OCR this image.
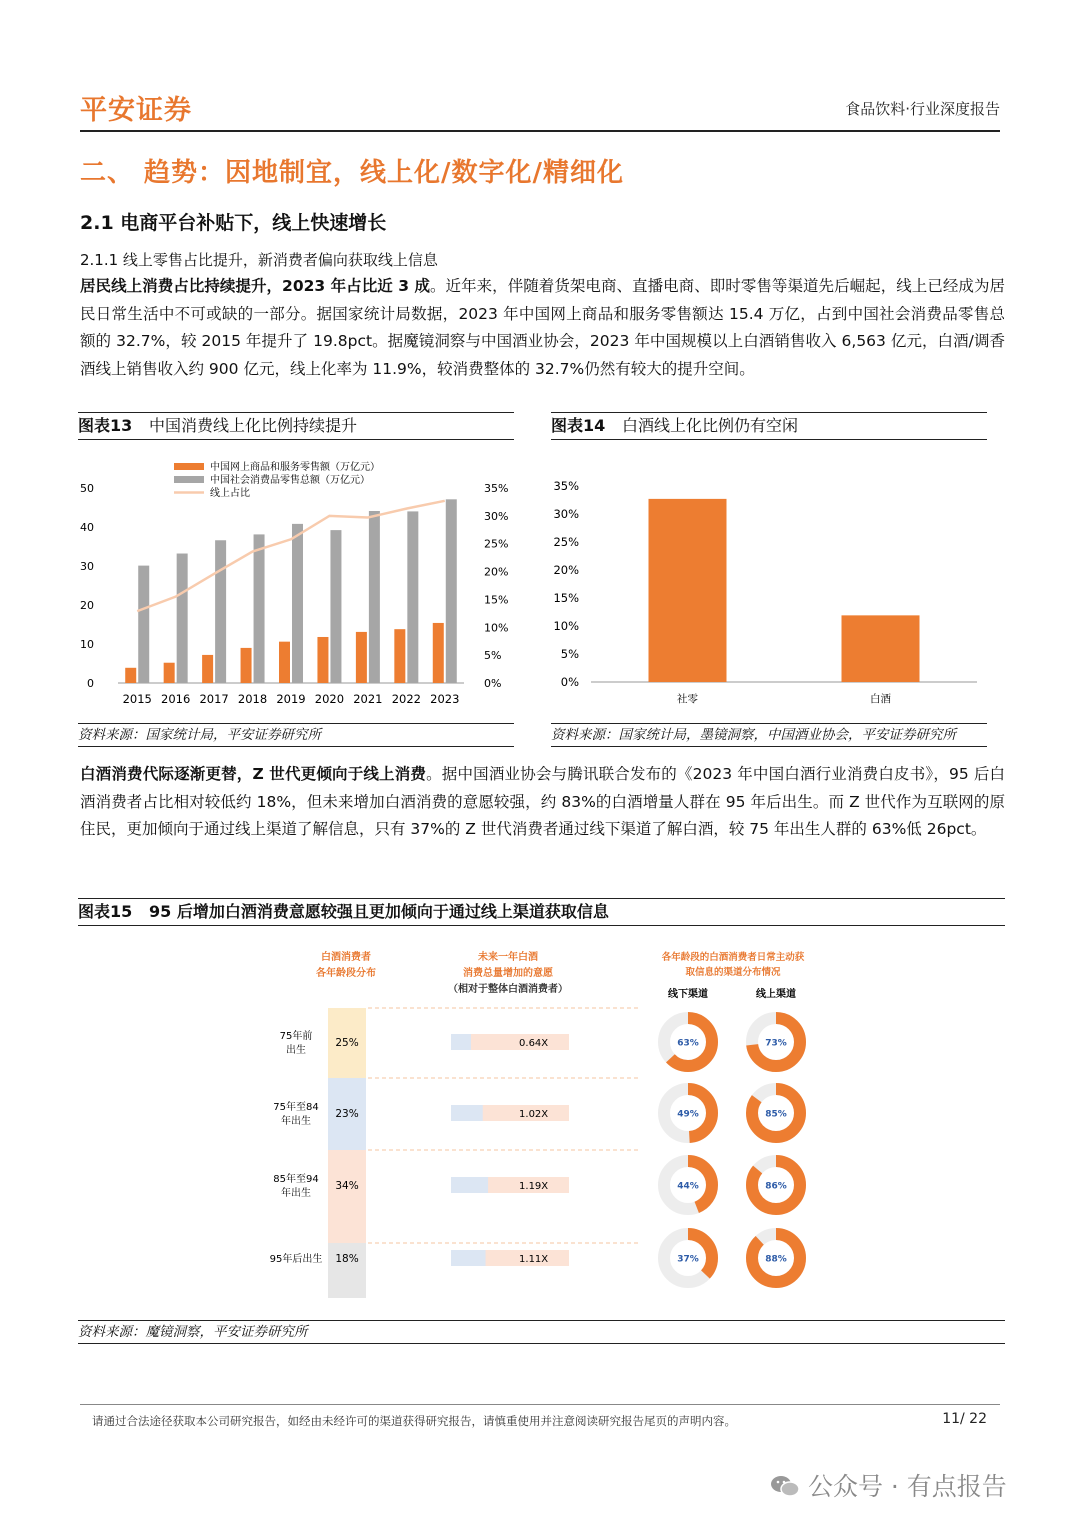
平安证券	食品饮料·行业深度报告
二、 趋势：因地制宜，线上化/数字化/精细化
2.1 电商平台补贴下，线上快速增长
2.1.1 线上零售占比提升，新消费者偏向获取线上信息
居民线上消费占比持续提升，2023 年占比近 3 成。近年来，伴随着货架电商、直播电商、即时零售等渠道先后崛起，线上已经成为居民日常生活中不可或缺的一部分。据国家统计局数据，2023 年中国网上商品和服务零售额达 15.4 万亿，占到中国社会消费品零售总额的 32.7%，较 2015 年提升了 19.8pct。据魔镜洞察与中国酒业协会，2023 年中国规模以上白酒销售收入 6,563 亿元，白酒/调香酒线上销售收入约 900 亿元，线上化率为 11.9%，较消费整体的 32.7%仍然有较大的提升空间。
图表13 中国消费线上化比例持续提升
0
10
20
30
40
50
0%
5%
10%
15%
20%
25%
30%
35%
2015 2016 2017 2018 2019 2020 2021 2022 2023
中国网上商品和服务零售额（万亿元）
中国社会消费品零售总额（万亿元）
线上占比
资料来源：国家统计局，平安证券研究所
图表14 白酒线上化比例仍有空闲
0%
5%
10%
15%
20%
25%
30%
35%
社零	白酒
资料来源：国家统计局，墨镜洞察，中国酒业协会，平安证券研究所
白酒消费代际逐渐更替，Z 世代更倾向于线上消费。据中国酒业协会与腾讯联合发布的《2023 年中国白酒行业消费白皮书》，95 后白酒消费者占比相对较低约 18%，但未来增加白酒消费的意愿较强，约 83%的白酒增量人群在 95 年后出生。而 Z 世代作为互联网的原住民，更加倾向于通过线上渠道了解信息，只有 37%的 Z 世代消费者通过线下渠道了解白酒，较 75 年出生人群的 63%低 26pct。
图表15 95 后增加白酒消费意愿较强且更加倾向于通过线上渠道获取信息
白酒消费者
各年龄段分布
未来一年白酒
消费总量增加的意愿
（相对于整体白酒消费者）
各年龄段的白酒消费者日常主动获
取信息的渠道分布情况
线下渠道	线上渠道
75年前
出生
25%	0.64X	63%	73%
75年至84
年出生
23%	1.02X	49%	85%
85年至94
年出生
34%	1.19X	44%	86%
95年后出生 18%	1.11X	37%	88%
资料来源：魔镜洞察，平安证券研究所
请通过合法途径获取本公司研究报告，如经由未经许可的渠道获得研究报告，请慎重使用并注意阅读研究报告尾页的声明内容。	11/ 22
公众号 · 有点报告
